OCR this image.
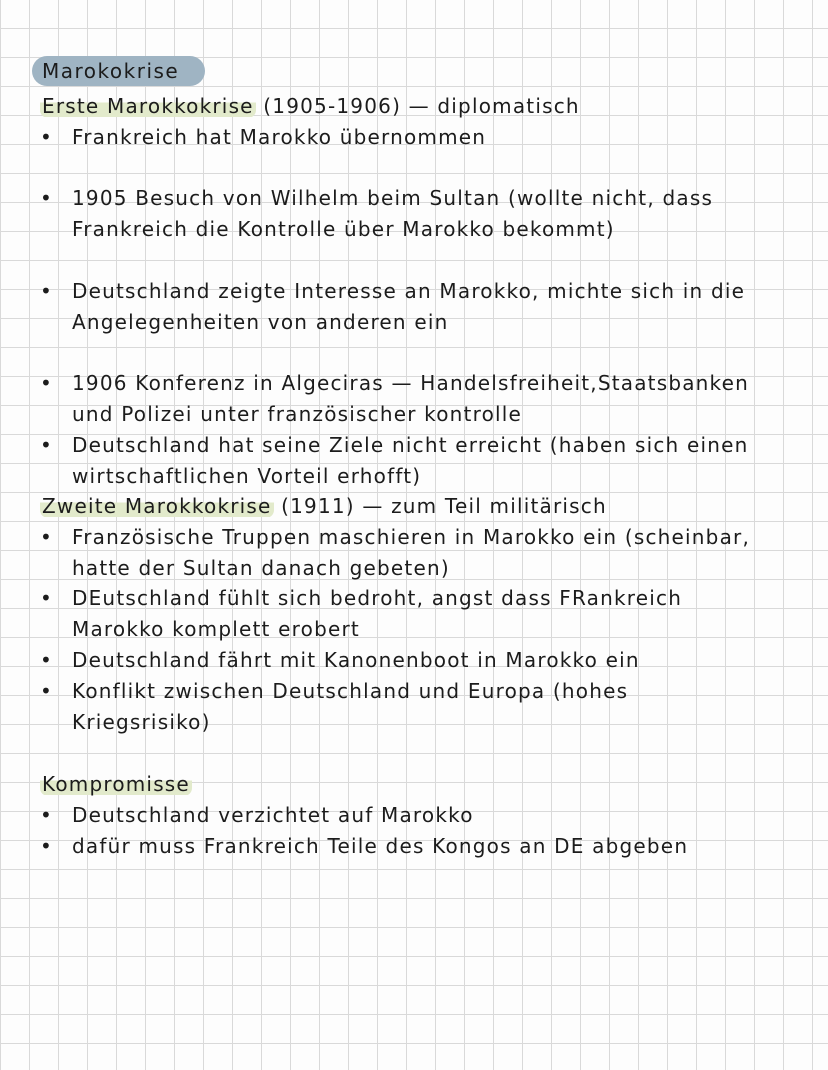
Marokokrise
Erste Marokkokrise (1905-1906) — diplomatisch
• Frankreich hat Marokko übernommen
• 1905 Besuch von Wilhelm beim Sultan (wollte nicht, dass
Frankreich die Kontrolle über Marokko bekommt)
• Deutschland zeigte Interesse an Marokko, michte sich in die
Angelegenheiten von anderen ein
• 1906 Konferenz in Algeciras — Handelsfreiheit,Staatsbanken
und Polizei unter französischer kontrolle
• Deutschland hat seine Ziele nicht erreicht (haben sich einen
wirtschaftlichen Vorteil erhofft)
Zweite Marokkokrise (1911) — zum Teil militärisch
• Französische Truppen maschieren in Marokko ein (scheinbar,
hatte der Sultan danach gebeten)
• DEutschland fühlt sich bedroht, angst dass FRankreich
Marokko komplett erobert
• Deutschland fährt mit Kanonenboot in Marokko ein
• Konflikt zwischen Deutschland und Europa (hohes
Kriegsrisiko)
Kompromisse
• Deutschland verzichtet auf Marokko
• dafür muss Frankreich Teile des Kongos an DE abgeben
